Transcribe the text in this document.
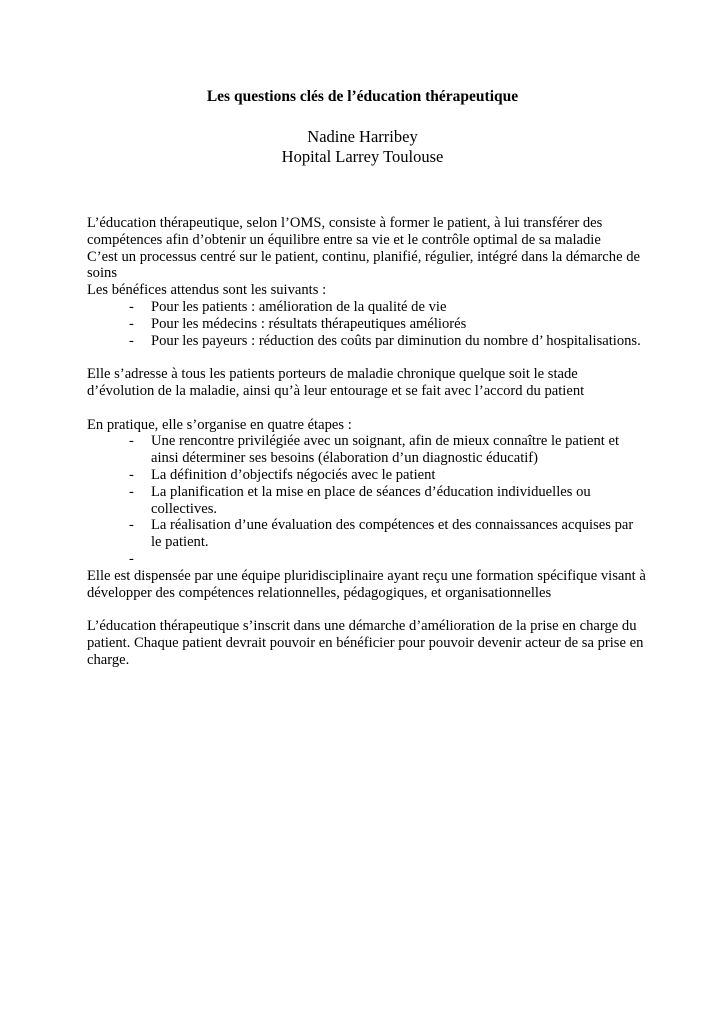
Les questions clés de l’éducation thérapeutique
Nadine Harribey
Hopital Larrey Toulouse

L’éducation thérapeutique, selon l’OMS, consiste à former le patient, à lui transférer des compétences afin d’obtenir un équilibre entre sa vie et le contrôle optimal de sa maladie

C’est un processus centré sur le patient, continu, planifié, régulier, intégré dans la démarche de soins

Les bénéfices attendus sont les suivants :

- Pour les patients : amélioration de la qualité de vie
- Pour les médecins : résultats thérapeutiques améliorés
- Pour les payeurs : réduction des coûts par diminution du nombre d’ hospitalisations.

Elle s’adresse à tous les patients porteurs de maladie chronique quelque soit le stade d’évolution de la maladie, ainsi qu’à leur entourage et se fait avec l’accord du patient

En pratique, elle s’organise en quatre étapes :

- Une rencontre privilégiée avec un soignant, afin de mieux connaître le patient et ainsi déterminer ses besoins (élaboration d’un diagnostic éducatif)
- La définition d’objectifs négociés avec le patient
- La planification et la mise en place de séances d’éducation individuelles ou collectives.
- La réalisation d’une évaluation des compétences et des connaissances acquises par le patient.
-

Elle est dispensée par une équipe pluridisciplinaire ayant reçu une formation spécifique visant à développer des compétences relationnelles, pédagogiques, et organisationnelles

L’éducation thérapeutique s’inscrit dans une démarche d’amélioration de la prise en charge du patient. Chaque patient devrait pouvoir en bénéficier pour pouvoir devenir acteur de sa prise en charge.
